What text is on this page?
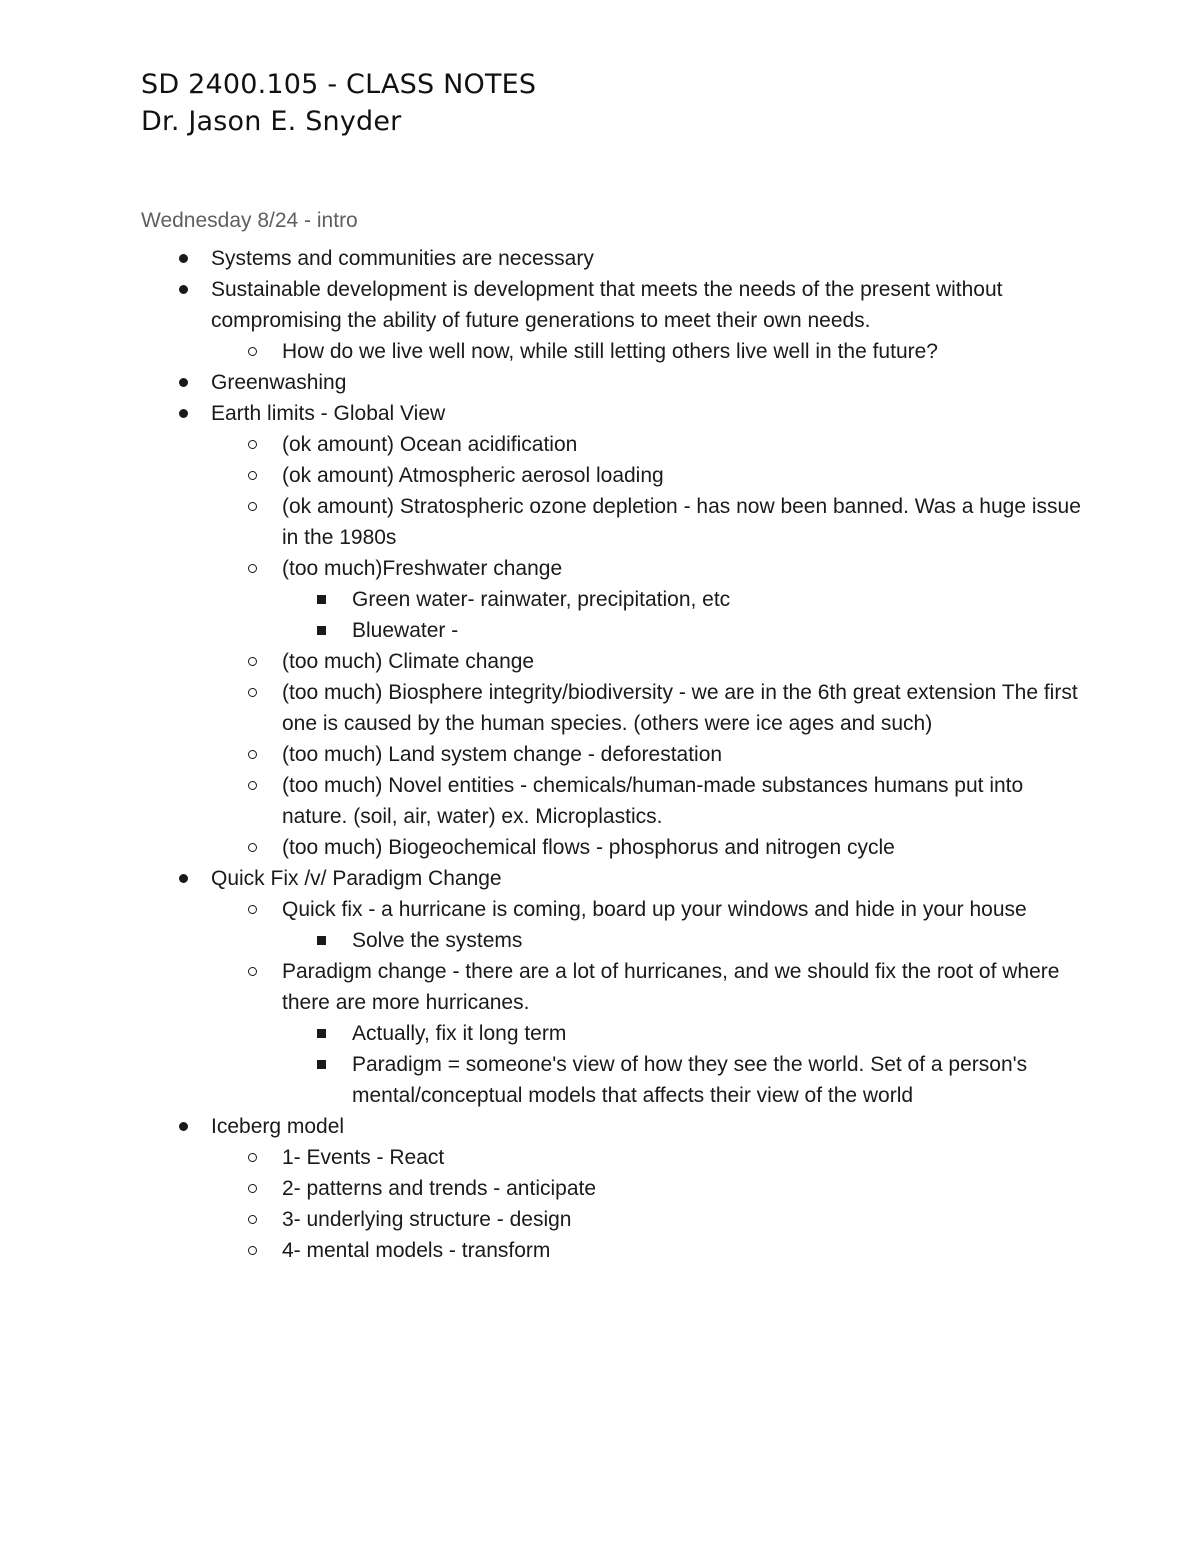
SD 2400.105 - CLASS NOTES
Dr. Jason E. Snyder
Wednesday 8/24 - intro
Systems and communities are necessary
Sustainable development is development that meets the needs of the present without compromising the ability of future generations to meet their own needs.
How do we live well now, while still letting others live well in the future?
Greenwashing
Earth limits - Global View
(ok amount) Ocean acidification
(ok amount) Atmospheric aerosol loading
(ok amount) Stratospheric ozone depletion - has now been banned. Was a huge issue in the 1980s
(too much)Freshwater change
Green water- rainwater, precipitation, etc
Bluewater -
(too much) Climate change
(too much) Biosphere integrity/biodiversity - we are in the 6th great extension The first one is caused by the human species. (others were ice ages and such)
(too much) Land system change - deforestation
(too much) Novel entities - chemicals/human-made substances humans put into nature. (soil, air, water) ex. Microplastics.
(too much) Biogeochemical flows - phosphorus and nitrogen cycle
Quick Fix /v/ Paradigm Change
Quick fix - a hurricane is coming, board up your windows and hide in your house
Solve the systems
Paradigm change - there are a lot of hurricanes, and we should fix the root of where there are more hurricanes.
Actually, fix it long term
Paradigm = someone's view of how they see the world. Set of a person's mental/conceptual models that affects their view of the world
Iceberg model
1- Events - React
2- patterns and trends - anticipate
3- underlying structure - design
4- mental models - transform
